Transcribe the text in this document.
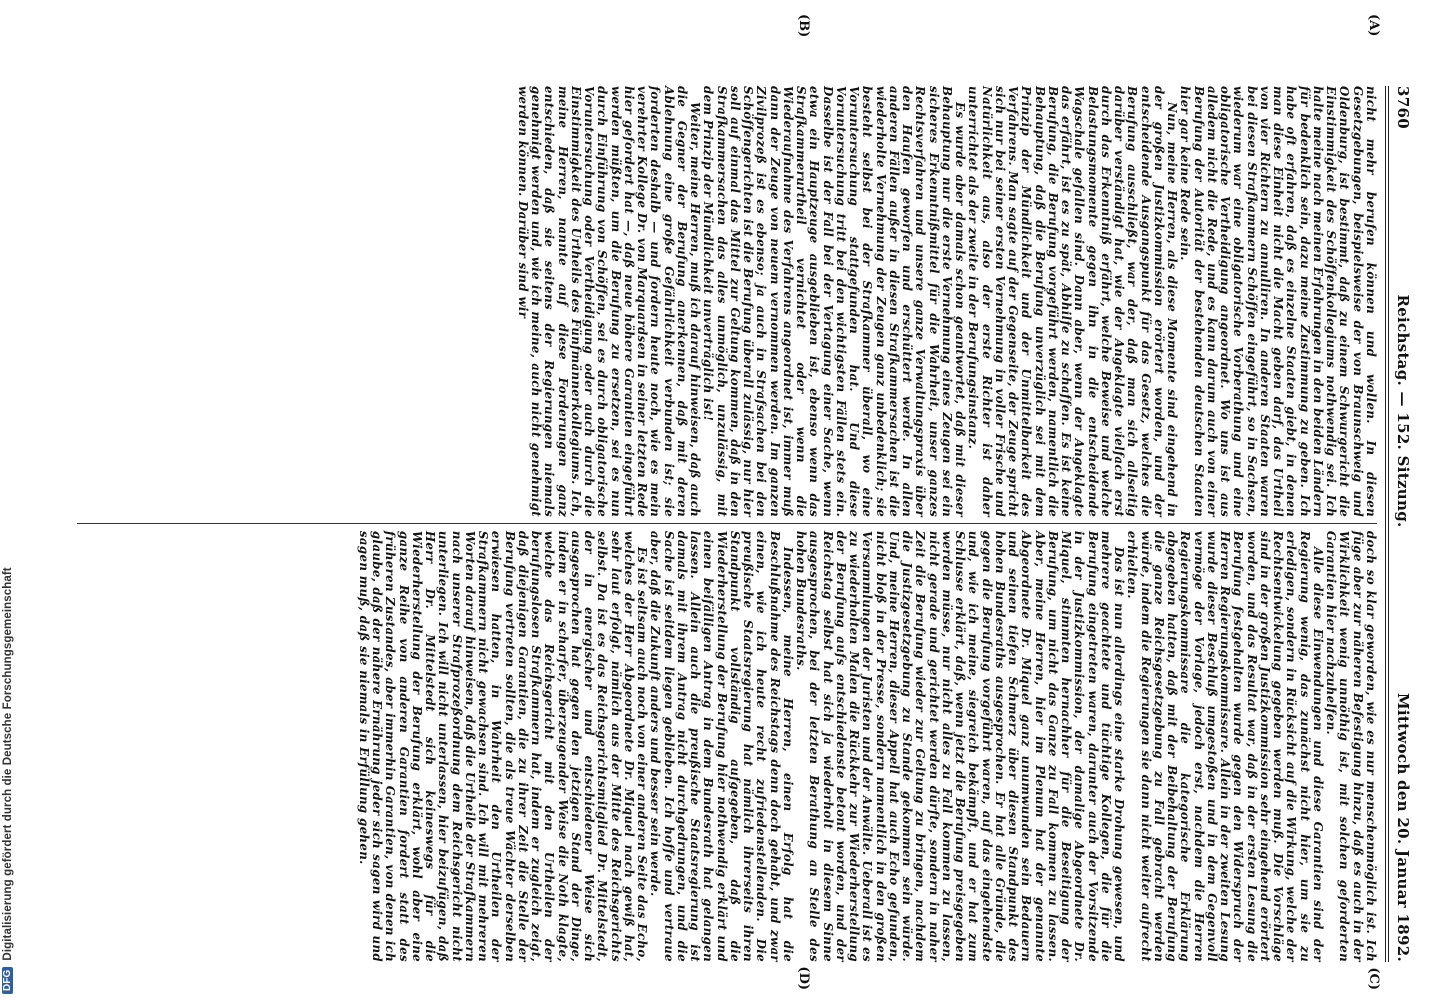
DFGDigitalisierung gefördert durch die Deutsche Forschungsgemeinschaft
3760
Reichstag. — 152. Sitzung.
Mittwoch den 20. Januar 1892.

nicht mehr berufen können und wollen. In diesen Gesetzgebungen, beispielsweise der von Braunschweig und Oldenburg, ist bestimmt, daß zu einem Schwurgericht die Einstimmigkeit des Schöffenkollegiums nothwendig sei. Ich halte meine nach meinen Erfahrungen in den beiden Ländern für bedenklich sein, dazu meine Zustimmung zu geben. Ich habe oft erfahren, daß es einzelne Staaten giebt, in denen man diese Einheit nicht die Macht geben darf, das Urtheil von vier Richtern zu annulliren. In anderen Staaten waren bei diesen Strafkammern Schöffen eingeführt, so in Sachsen, wiederum war eine obligatorische Vorberathung und eine obligatorische Vertheidigung angeordnet. Wo uns ist aus alledem nicht die Rede, und es kann darum auch von einer Berufung der Autorität der bestehenden deutschen Staaten hier gar keine Rede sein.

Nun, meine Herren, als diese Momente sind eingehend in der großen Justizkommission erörtert worden, und der entscheidende Ausgangspunkt für das Gesetz, welches die Berufung ausschließt, war der, daß man sich allseitig darüber verständigt hat, wie der Angeklagte vielfach erst durch das Erkenntniß erfährt, welche Beweise und welche Belastungsmomente gegen ihn in die entscheidende Wagschale gefallen sind. Dann aber, wenn der Angeklagte das erfährt, ist es zu spät, Abhilfe zu schaffen. Es ist keine Berufung, die Berufung vorgeführt werden, namentlich die Behauptung, daß die Berufung unverzüglich sei mit dem Prinzip der Mündlichkeit und der Unmittelbarkeit des Verfahrens. Man sagte auf der Gegenseite, der Zeuge spricht sich nur bei seiner ersten Vernehmung in voller Frische und Natürlichkeit aus, also der erste Richter ist daher unterrichtet als der zweite in der Berufungsinstanz.

Es wurde aber damals schon geantwortet, daß mit dieser Behauptung nur die erste Vernehmung eines Zeugen sei ein sicheres Erkenntnißmittel für die Wahrheit, unser ganzes Rechtsverfahren und unsere ganze Verwaltungspraxis über den Haufen geworfen und erschüttert werde. In allen anderen Fällen außer in diesen Strafkammersachen ist die wiederholte Vernehmung der Zeugen ganz unbedenklich; sie besteht selbst bei der Strafkammer überall, wo eine Voruntersuchung stattgefunden hat. Und diese Voruntersuchung tritt bei den wichtigsten Fällen stets ein. Dasselbe ist der Fall bei der Vertagung einer Sache, wenn etwa ein Hauptzeuge ausgeblieben ist, ebenso wenn das Strafkammerurtheil vernichtet oder wenn die Wiederaufnahme des Verfahrens angeordnet ist, immer muß dann der Zeuge von neuem vernommen werden. Im ganzen Zivilprozeß ist es ebenso; ja auch in Strafsachen bei den Schöffengerichten ist die Berufung überall zulässig, nur hier soll auf einmal das Mittel zur Geltung kommen, daß in den Strafkammersachen das alles unmöglich, unzulässig, mit dem Prinzip der Mündlichkeit unverträglich ist!

Weiter, meine Herren, muß ich darauf hinweisen, daß auch die Gegner der Berufung anerkennen, daß mit deren Ablehnung eine große Gefährlichkeit verbunden ist; sie forderten deshalb — und fordern heute noch, wie es mein verehrter Kollege Dr. von Marquardsen in seiner letzten Rede hier gefordert hat —, daß neue höhere Garantien eingeführt werden müßten, um die Berufung zu ersetzen, sei es nun durch Einführung von Schöffen, sei es durch obligatorische Voruntersuchung oder Vertheidigung oder auch durch die Einstimmigkeit des Urtheils des Fünfmännerkollegiums. Ich, meine Herren, nannte auf diese Forderungen ganz entschieden, daß sie seitens der Regierungen niemals genehmigt werden und, wie ich meine, auch nicht genehmigt werden können. Darüber sind wir

doch so klar geworden, wie es nur menschenmöglich ist. Ich füge aber zur näheren Befestigung hinzu, daß es auch in der Wirklichkeit wenig unnöthig ist, mit solchen geforderten Garantien hier nachzuhelfen.

Alle diese Einwendungen und diese Garantien sind der Regierung wenig, das zunächst nicht hier, um sie zu erledigen, sondern in Rücksicht auf die Wirkung, welche der Rechtsentwickelung gegeben werden muß. Die Vorschläge sind in der großen Justizkommission sehr eingehend erörtert worden, und das Resultat war, daß in der ersten Lesung die Berufung festgehalten wurde gegen den Widerspruch der Herren Regierungskommissare. Allein in der zweiten Lesung wurde dieser Beschluß umgestoßen und in dem Gegenvoll vermöge der Vorlage, jedoch erst, nachdem die Herren Regierungskommissare die kategorische Erklärung abgegeben hatten, daß mit der Beibehaltung der Berufung die ganze Reichsgesetzgebung zu Fall gebracht werden würde, indem die Regierungen sie dann nicht weiter aufrecht erhielten.

Das ist nun allerdings eine starke Drohung gewesen, und mehrere geachtete und tüchtige Kollegen, die für die Berufung eingetreten waren, darunter auch der Vorsitzende in der Justizkommission, der damalige Abgeordnete Dr. Miquel, stimmten hernachher für die Beseitigung der Berufung, um nicht das Ganze zu Fall kommen zu lassen. Aber, meine Herren, hier im Plenum hat der genannte Abgeordnete Dr. Miquel ganz unumwunden sein Bedauern und seinen tiefen Schmerz über diesen Standpunkt des hohen Bundesraths ausgesprochen. Er hat alle Gründe, die gegen die Berufung vorgeführt waren, auf das eingehendste und, wie ich meine, siegreich bekämpft, und er hat zum Schlusse erklärt, daß, wenn jetzt die Berufung preisgegeben werden müsse, nur nicht alles zu Fall kommen zu lassen, nicht gerade und gerichtet werden dürfte, sondern in naher Zeit die Berufung wieder zur Geltung zu bringen, nachdem die Justizgesetzgebung zu Stande gekommen sein würde. Und, meine Herren, dieser Appell hat auch Echo gefunden, nicht bloß in der Presse, sondern namentlich in den großen Versammlungen der Juristen und der Anwälte. Ueberall ist es zu wiederholten Malen die Rückkehr zur Wiederherstellung der Berufung aufs entschiedenste betont worden, und der Reichstag selbst hat sich ja wiederholt in diesem Sinne ausgesprochen, bei der letzten Berathung an Stelle des hohen Bundesraths.

Indessen, meine Herren, einen Erfolg hat die Beschlußnahme des Reichstags denn doch gehabt, und zwar einen, wie ich heute recht zufriedenstellenden. Die preußische Staatsregierung hat nämlich ihrerseits ihren Standpunkt vollständig aufgegeben, daß die Wiederherstellung der Berufung hier nothwendig erklärt und einen beifälligen Antrag in dem Bundesrath hat gelangen lassen. Allein auch die preußische Staatsregierung ist damals mit ihrem Antrag nicht durchgedrungen, und die Sache ist seitdem liegen geblieben. Ich hoffe und vertraue aber, daß die Zukunft anders und besser sein werde.

Es ist seltsam auch noch von einer anderen Seite das Echo, welches der Herr Abgeordnete Dr. Miquel nach gewiß hat, sehr laut erfolgt, nämlich aus der Mitte des Reichsgerichts selbst. Da ist es das Reichsgerichtsmitglied Dr. Mittelstedt, der in energischer und entschiedener Weise sich ausgesprochen hat gegen den jetzigen Stand der Dinge, indem er in scharfer, überzeugender Weise die Noth klagte, welche das Reichsgericht mit den Urtheilen der berufungslosen Strafkammern hat, indem er zugleich zeigt, daß diejenigen Garantien, die zu ihrer Zeit die Stelle der Berufung vertreten sollten, die als treue Wächter derselben erwiesen hatten, in Wahrheit den Urtheilen der Strafkammern nicht gewachsen sind. Ich will mit mehreren Worten darauf hinweisen, daß die Urtheile der Strafkammern nach unserer Strafprozeßordnung dem Reichsgericht nicht unterliegen. Ich will nicht unterlassen, hier beizufügen, daß Herr Dr. Mittelstedt sich keineswegs für die Wiederherstellung der Berufung erklärt, wohl aber eine ganze Reihe von anderen Garantien fordert statt des früheren Zustandes, aber immerhin Garantien, von denen ich glaube, daß der nähere Ernährung jeder sich sagen wird und sagen muß, daß sie niemals in Erfüllung gehen.

(A)
(B)
(C)
(D)
